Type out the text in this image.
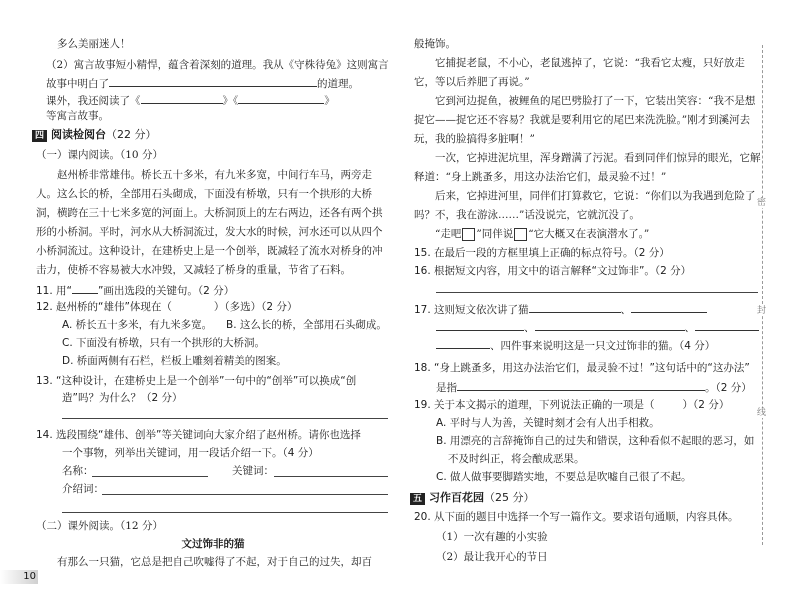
多么美丽迷人！
（2）寓言故事短小精悍，蕴含着深刻的道理。我从《守株待兔》这则寓言
故事中明白了	的道理。
课外，我还阅读了《	》《	》
等寓言故事。
四 阅读检阅台（22 分）
（一）课内阅读。（10 分）
赵州桥非常雄伟。桥长五十多米，有九米多宽，中间行车马，两旁走
人。这么长的桥，全部用石头砌成，下面没有桥墩，只有一个拱形的大桥
洞，横跨在三十七米多宽的河面上。大桥洞顶上的左右两边，还各有两个拱
形的小桥洞。平时，河水从大桥洞流过，发大水的时候，河水还可以从四个
小桥洞流过。这种设计，在建桥史上是一个创举，既减轻了流水对桥身的冲
击力，使桥不容易被大水冲毁，又减轻了桥身的重量，节省了石料。
11. 用“ ”画出选段的关键句。（2 分）
12. 赵州桥的“雄伟”体现在（	）（多选）（2 分）
A. 桥长五十多米，有九米多宽。 B. 这么长的桥，全部用石头砌成。
C. 下面没有桥墩，只有一个拱形的大桥洞。
D. 桥面两侧有石栏，栏板上雕刻着精美的图案。
13. “这种设计，在建桥史上是一个创举”一句中的“创举”可以换成“创
造”吗？为什么？（2 分）
14. 选段围绕“雄伟、创举”等关键词向大家介绍了赵州桥。请你也选择
一个事物，列举出关键词，用一段话介绍一下。（4 分）
名称：	关键词：
介绍词：
（二）课外阅读。（12 分）
文过饰非的猫
有那么一只猫，它总是把自己吹嘘得了不起，对于自己的过失，却百
般掩饰。
它捕捉老鼠，不小心，老鼠逃掉了，它说：“我看它太瘦，只好放走
它，等以后养肥了再说。”
它到河边捉鱼，被鲤鱼的尾巴劈脸打了一下，它装出笑容：“我不是想
捉它——捉它还不容易？我就是要利用它的尾巴来洗洗脸。”刚才到溪河去
玩，我的脸搞得多脏啊！”
一次，它掉进泥坑里，浑身蹭满了污泥。看到同伴们惊异的眼光，它解
释道：“身上跳蚤多，用这办法治它们，最灵验不过！”
后来，它掉进河里，同伴们打算救它，它说：“你们以为我遇到危险了
吗？不，我在游泳……”话没说完，它就沉没了。
“走吧 ”同伴说 “它大概又在表演潜水了。”
15. 在最后一段的方框里填上正确的标点符号。（2 分）
16. 根据短文内容，用文中的语言解释“文过饰非”。（2 分）
17. 这则短文依次讲了猫	、
、	、
、四件事来说明这是一只文过饰非的猫。（4 分）
18. “身上跳蚤多，用这办法治它们，最灵验不过！”这句话中的“这办法”
是指	。（2 分）
19. 关于本文揭示的道理，下列说法正确的一项是（	）（2 分）
A. 平时与人为善，关键时刻才会有人出手相救。
B. 用漂亮的言辞掩饰自己的过失和错误，这种看似不起眼的恶习，如
不及时纠正，将会酿成恶果。
C. 做人做事要脚踏实地，不要总是吹嘘自己很了不起。
五 习作百花园（25 分）
20. 从下面的题目中选择一个写一篇作文。要求语句通顺，内容具体。
（1）一次有趣的小实验
（2）最让我开心的节日
密
封
线
10
